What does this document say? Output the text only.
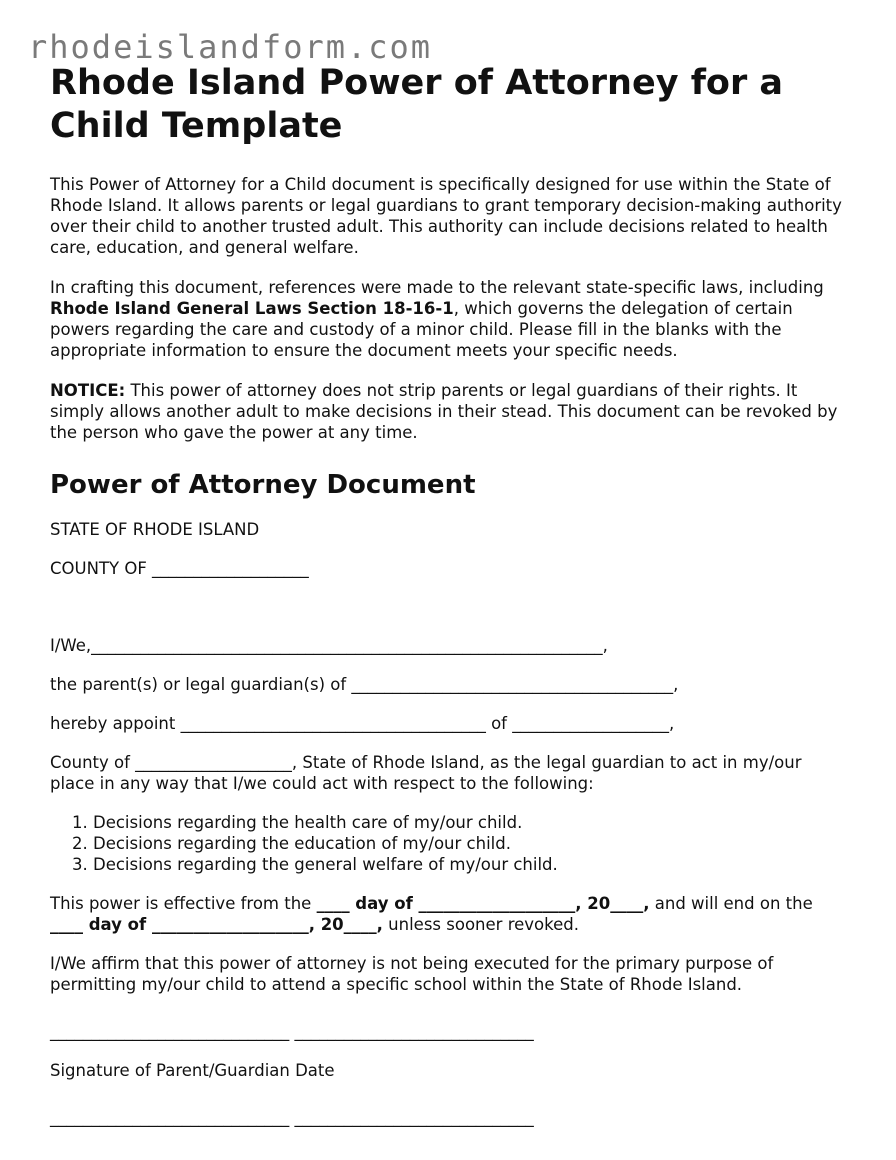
rhodeislandform.com
Rhode Island Power of Attorney for a Child Template

This Power of Attorney for a Child document is specifically designed for use within the State of Rhode Island. It allows parents or legal guardians to grant temporary decision-making authority over their child to another trusted adult. This authority can include decisions related to health care, education, and general welfare.

In crafting this document, references were made to the relevant state-specific laws, including Rhode Island General Laws Section 18-16-1, which governs the delegation of certain powers regarding the care and custody of a minor child. Please fill in the blanks with the appropriate information to ensure the document meets your specific needs.

NOTICE: This power of attorney does not strip parents or legal guardians of their rights. It simply allows another adult to make decisions in their stead. This document can be revoked by the person who gave the power at any time.

Power of Attorney Document

STATE OF RHODE ISLAND

COUNTY OF ___________________

I/We,______________________________________________________________,

the parent(s) or legal guardian(s) of _______________________________________,

hereby appoint _____________________________________ of ___________________,

County of ___________________, State of Rhode Island, as the legal guardian to act in my/our place in any way that I/we could act with respect to the following:

1. Decisions regarding the health care of my/our child.
2. Decisions regarding the education of my/our child.
3. Decisions regarding the general welfare of my/our child.

This power is effective from the ____ day of ___________________, 20____, and will end on the ____ day of ___________________, 20____, unless sooner revoked.

I/We affirm that this power of attorney is not being executed for the primary purpose of permitting my/our child to attend a specific school within the State of Rhode Island.

_____________________________ _____________________________

Signature of Parent/Guardian Date

_____________________________ _____________________________
